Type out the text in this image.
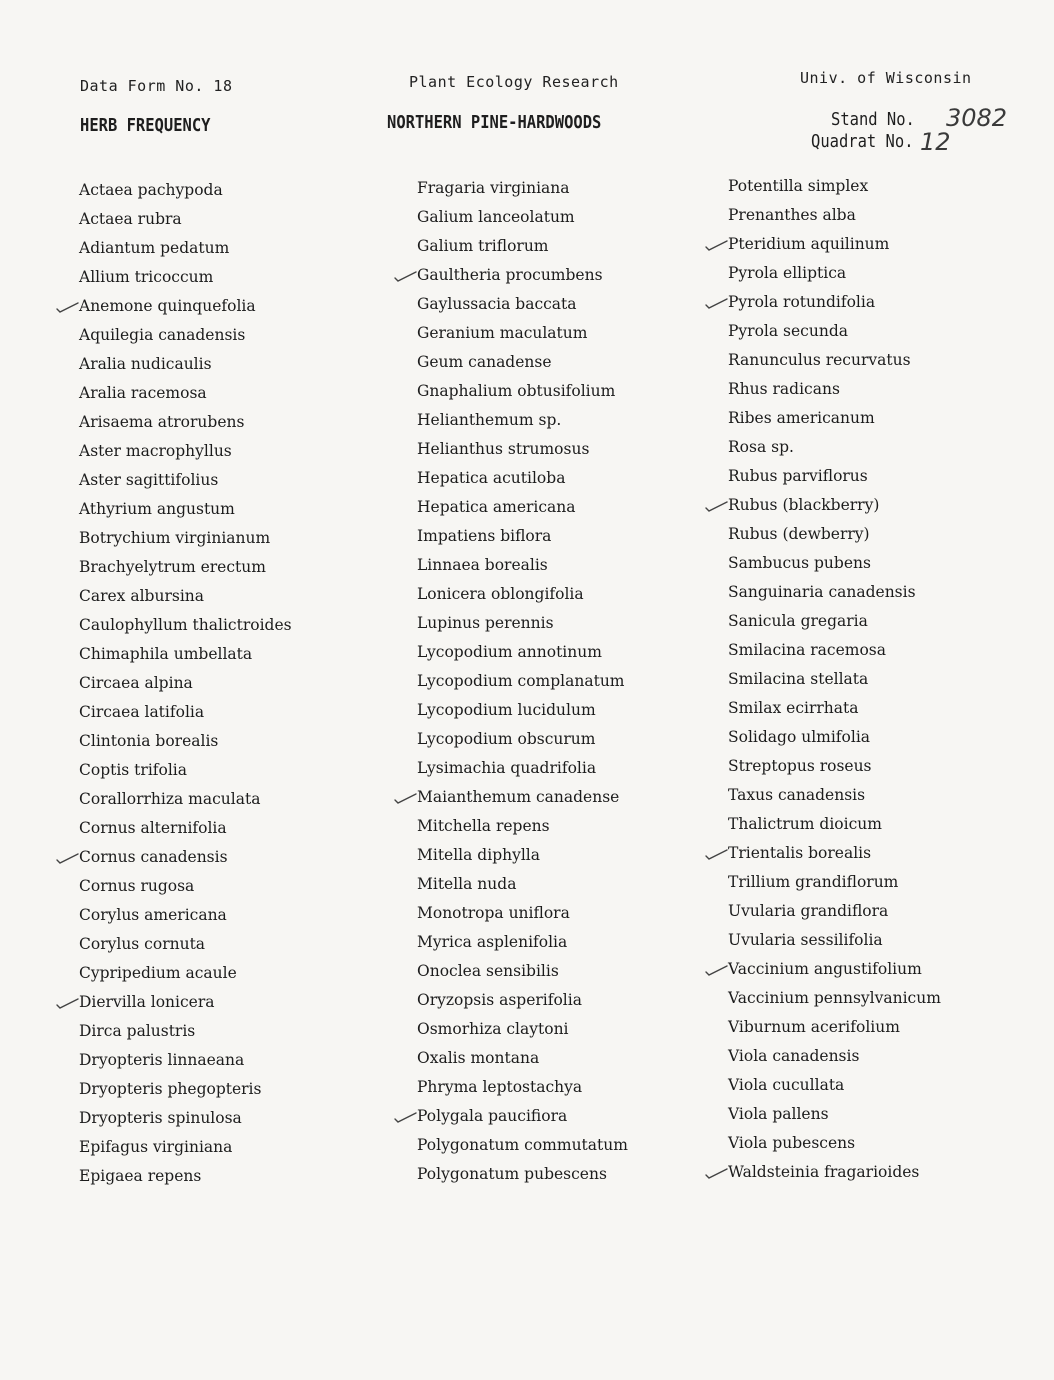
Data Form No. 18	Plant Ecology Research	Univ. of Wisconsin
HERB FREQUENCY	NORTHERN PINE-HARDWOODS	Stand No. 3082
Quadrat No. 12
Actaea pachypoda
Actaea rubra
Adiantum pedatum
Allium tricoccum
Anemone quinquefolia
Aquilegia canadensis
Aralia nudicaulis
Aralia racemosa
Arisaema atrorubens
Aster macrophyllus
Aster sagittifolius
Athyrium angustum
Botrychium virginianum
Brachyelytrum erectum
Carex albursina
Caulophyllum thalictroides
Chimaphila umbellata
Circaea alpina
Circaea latifolia
Clintonia borealis
Coptis trifolia
Corallorrhiza maculata
Cornus alternifolia
Cornus canadensis
Cornus rugosa
Corylus americana
Corylus cornuta
Cypripedium acaule
Diervilla lonicera
Dirca palustris
Dryopteris linnaeana
Dryopteris phegopteris
Dryopteris spinulosa
Epifagus virginiana
Epigaea repens
Fragaria virginiana
Galium lanceolatum
Galium triflorum
Gaultheria procumbens
Gaylussacia baccata
Geranium maculatum
Geum canadense
Gnaphalium obtusifolium
Helianthemum sp.
Helianthus strumosus
Hepatica acutiloba
Hepatica americana
Impatiens biflora
Linnaea borealis
Lonicera oblongifolia
Lupinus perennis
Lycopodium annotinum
Lycopodium complanatum
Lycopodium lucidulum
Lycopodium obscurum
Lysimachia quadrifolia
Maianthemum canadense
Mitchella repens
Mitella diphylla
Mitella nuda
Monotropa uniflora
Myrica asplenifolia
Onoclea sensibilis
Oryzopsis asperifolia
Osmorhiza claytoni
Oxalis montana
Phryma leptostachya
Polygala paucifiora
Polygonatum commutatum
Polygonatum pubescens
Potentilla simplex
Prenanthes alba
Pteridium aquilinum
Pyrola elliptica
Pyrola rotundifolia
Pyrola secunda
Ranunculus recurvatus
Rhus radicans
Ribes americanum
Rosa sp.
Rubus parviflorus
Rubus (blackberry)
Rubus (dewberry)
Sambucus pubens
Sanguinaria canadensis
Sanicula gregaria
Smilacina racemosa
Smilacina stellata
Smilax ecirrhata
Solidago ulmifolia
Streptopus roseus
Taxus canadensis
Thalictrum dioicum
Trientalis borealis
Trillium grandiflorum
Uvularia grandiflora
Uvularia sessilifolia
Vaccinium angustifolium
Vaccinium pennsylvanicum
Viburnum acerifolium
Viola canadensis
Viola cucullata
Viola pallens
Viola pubescens
Waldsteinia fragarioides
